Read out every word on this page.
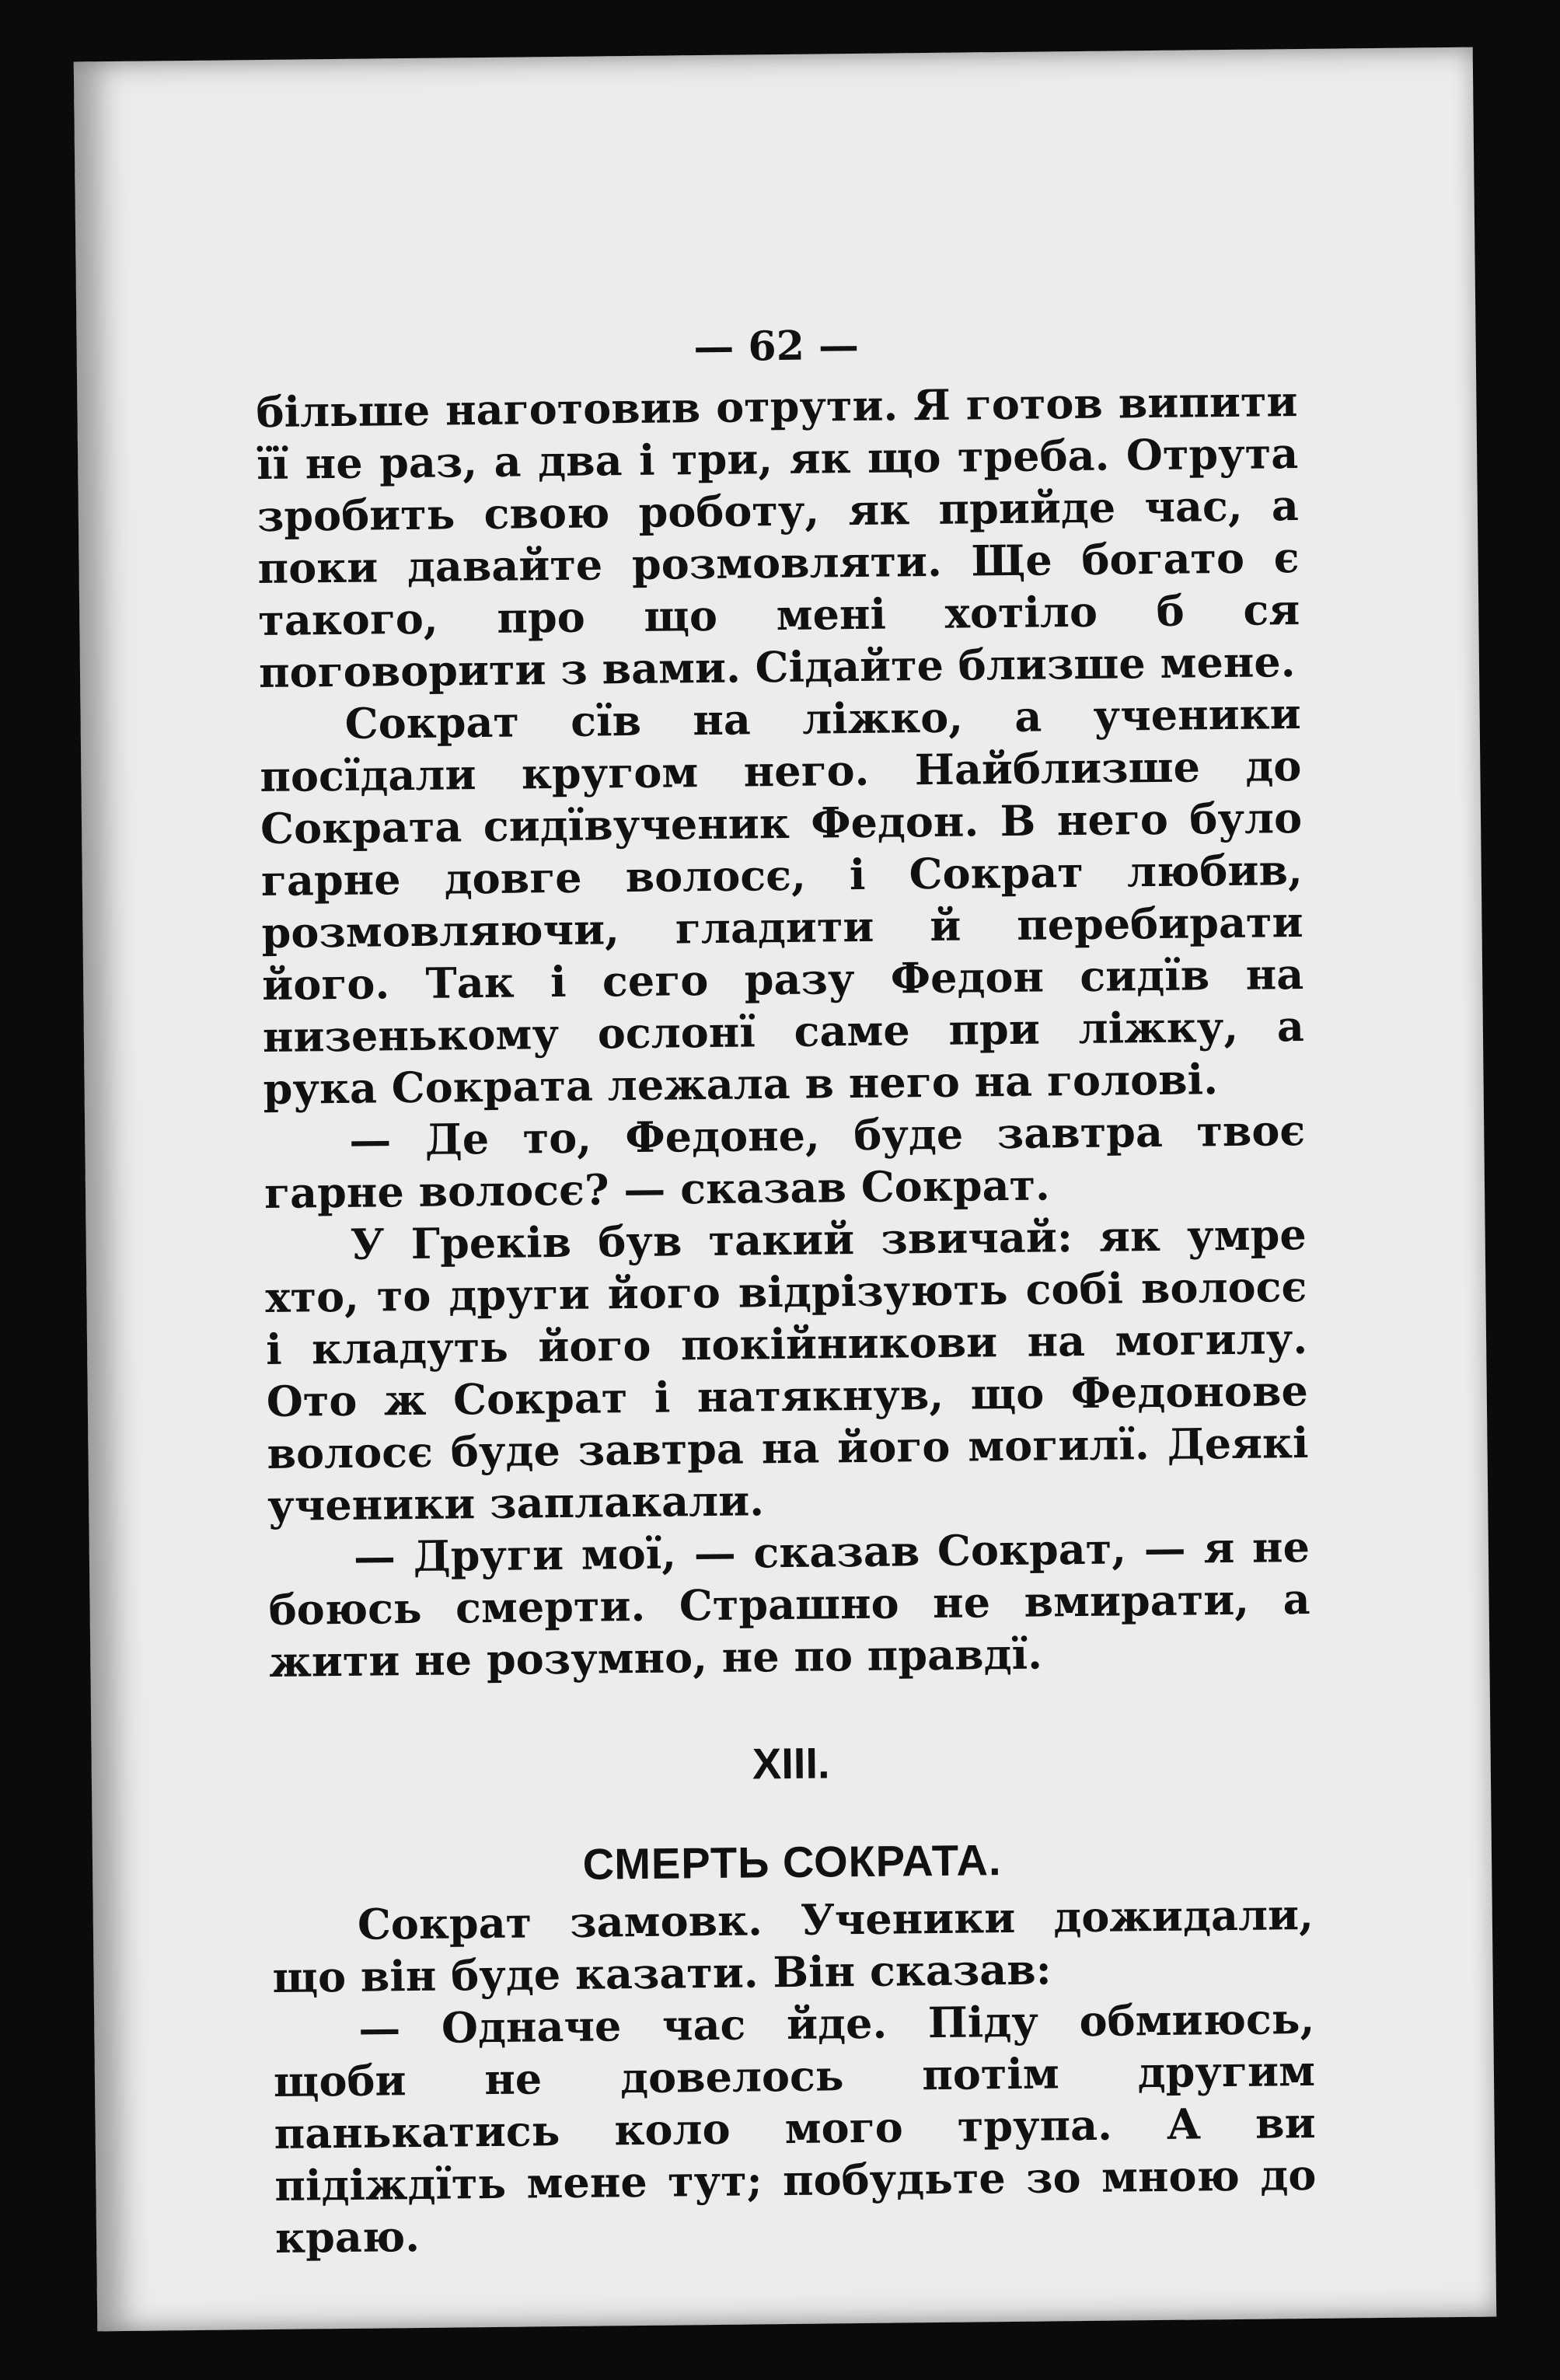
— 62 —

більше наготовив отрути. Я готов випити її не раз, а два і три, як що треба. Отрута зробить свою роботу, як прийде час, а поки давайте розмовляти. Ще богато є такого, про що мені хотіло б ся поговорити з вами. Сідайте близше мене.

Сократ сїв на ліжко, а ученики посїдали кругом него. Найблизше до Сократа сидївученик Федон. В него було гарне довге волосє, і Сократ любив, розмовляючи, гладити й перебирати його. Так і сего разу Федон сидїв на низенькому ослонї саме при ліжку, а рука Сократа лежала в него на голові.

— Де то, Федоне, буде завтра твоє гарне волосє? — сказав Сократ.

У Греків був такий звичай: як умре хто, то други його відрізують собі волосє і кладуть його покійникови на могилу. Ото ж Сократ і натякнув, що Федонове волосє буде завтра на його могилї. Деякі ученики заплакали.

— Други мої, — сказав Сократ, — я не боюсь смерти. Страшно не вмирати, а жити не розумно, не по правдї.

XIII.
СМЕРТЬ СОКРАТА.

Сократ замовк. Ученики дожидали, що він буде казати. Він сказав:

— Одначе час йде. Піду обмиюсь, щоби не довелось потім другим панькатись коло мого трупа. А ви підіждїть мене тут; побудьте зо мною до краю.
